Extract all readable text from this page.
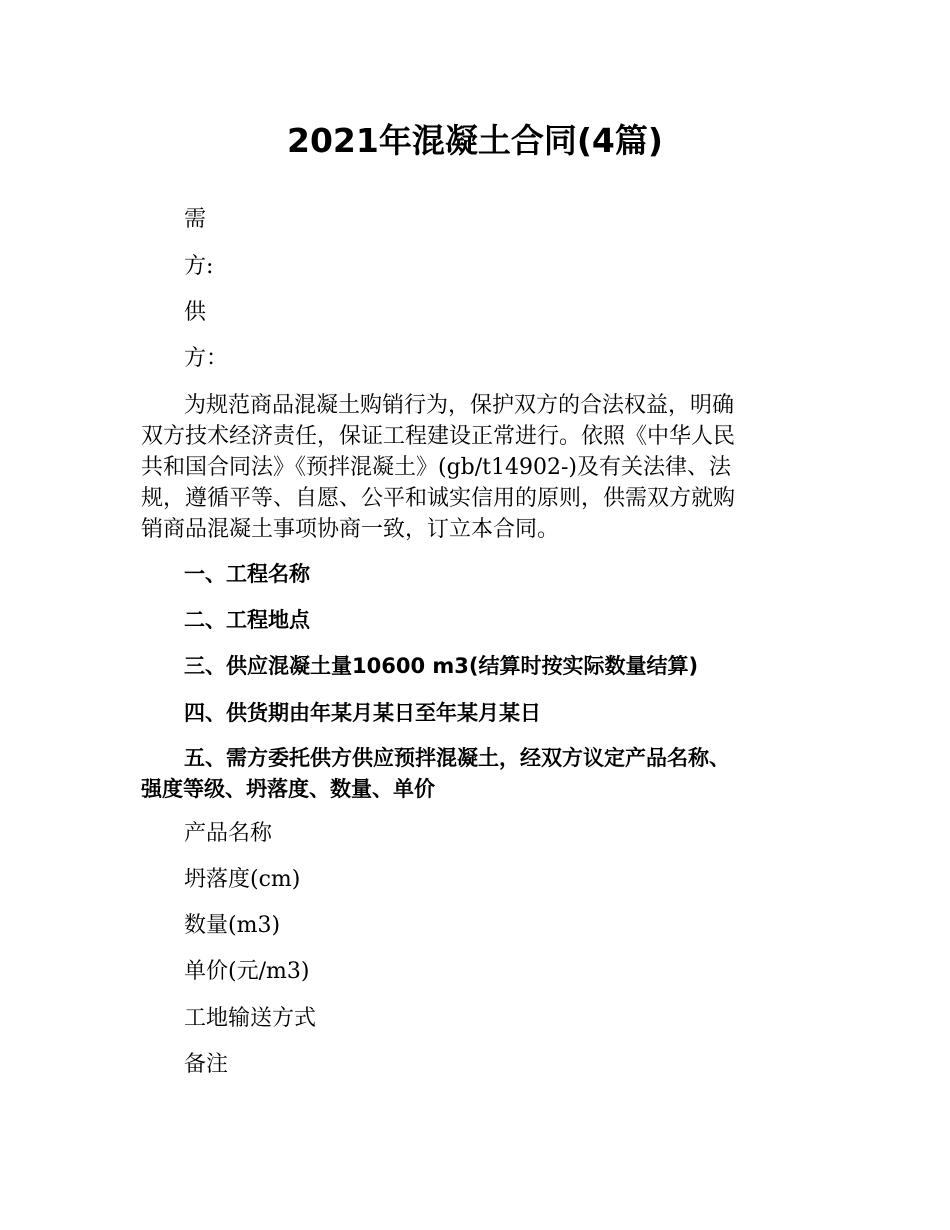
2021年混凝土合同(4篇)
需
方:
供
方：
为规范商品混凝土购销行为，保护双方的合法权益，明确
双方技术经济责任，保证工程建设正常进行。依照《中华人民
共和国合同法》《预拌混凝土》(gb/t14902-)及有关法律、法
规，遵循平等、自愿、公平和诚实信用的原则，供需双方就购
销商品混凝土事项协商一致，订立本合同。
一、工程名称
二、工程地点
三、供应混凝土量10600 m3(结算时按实际数量结算)
四、供货期由年某月某日至年某月某日
五、需方委托供方供应预拌混凝土，经双方议定产品名称、
强度等级、坍落度、数量、单价
产品名称
坍落度(cm)
数量(m3)
单价(元/m3)
工地输送方式
备注
